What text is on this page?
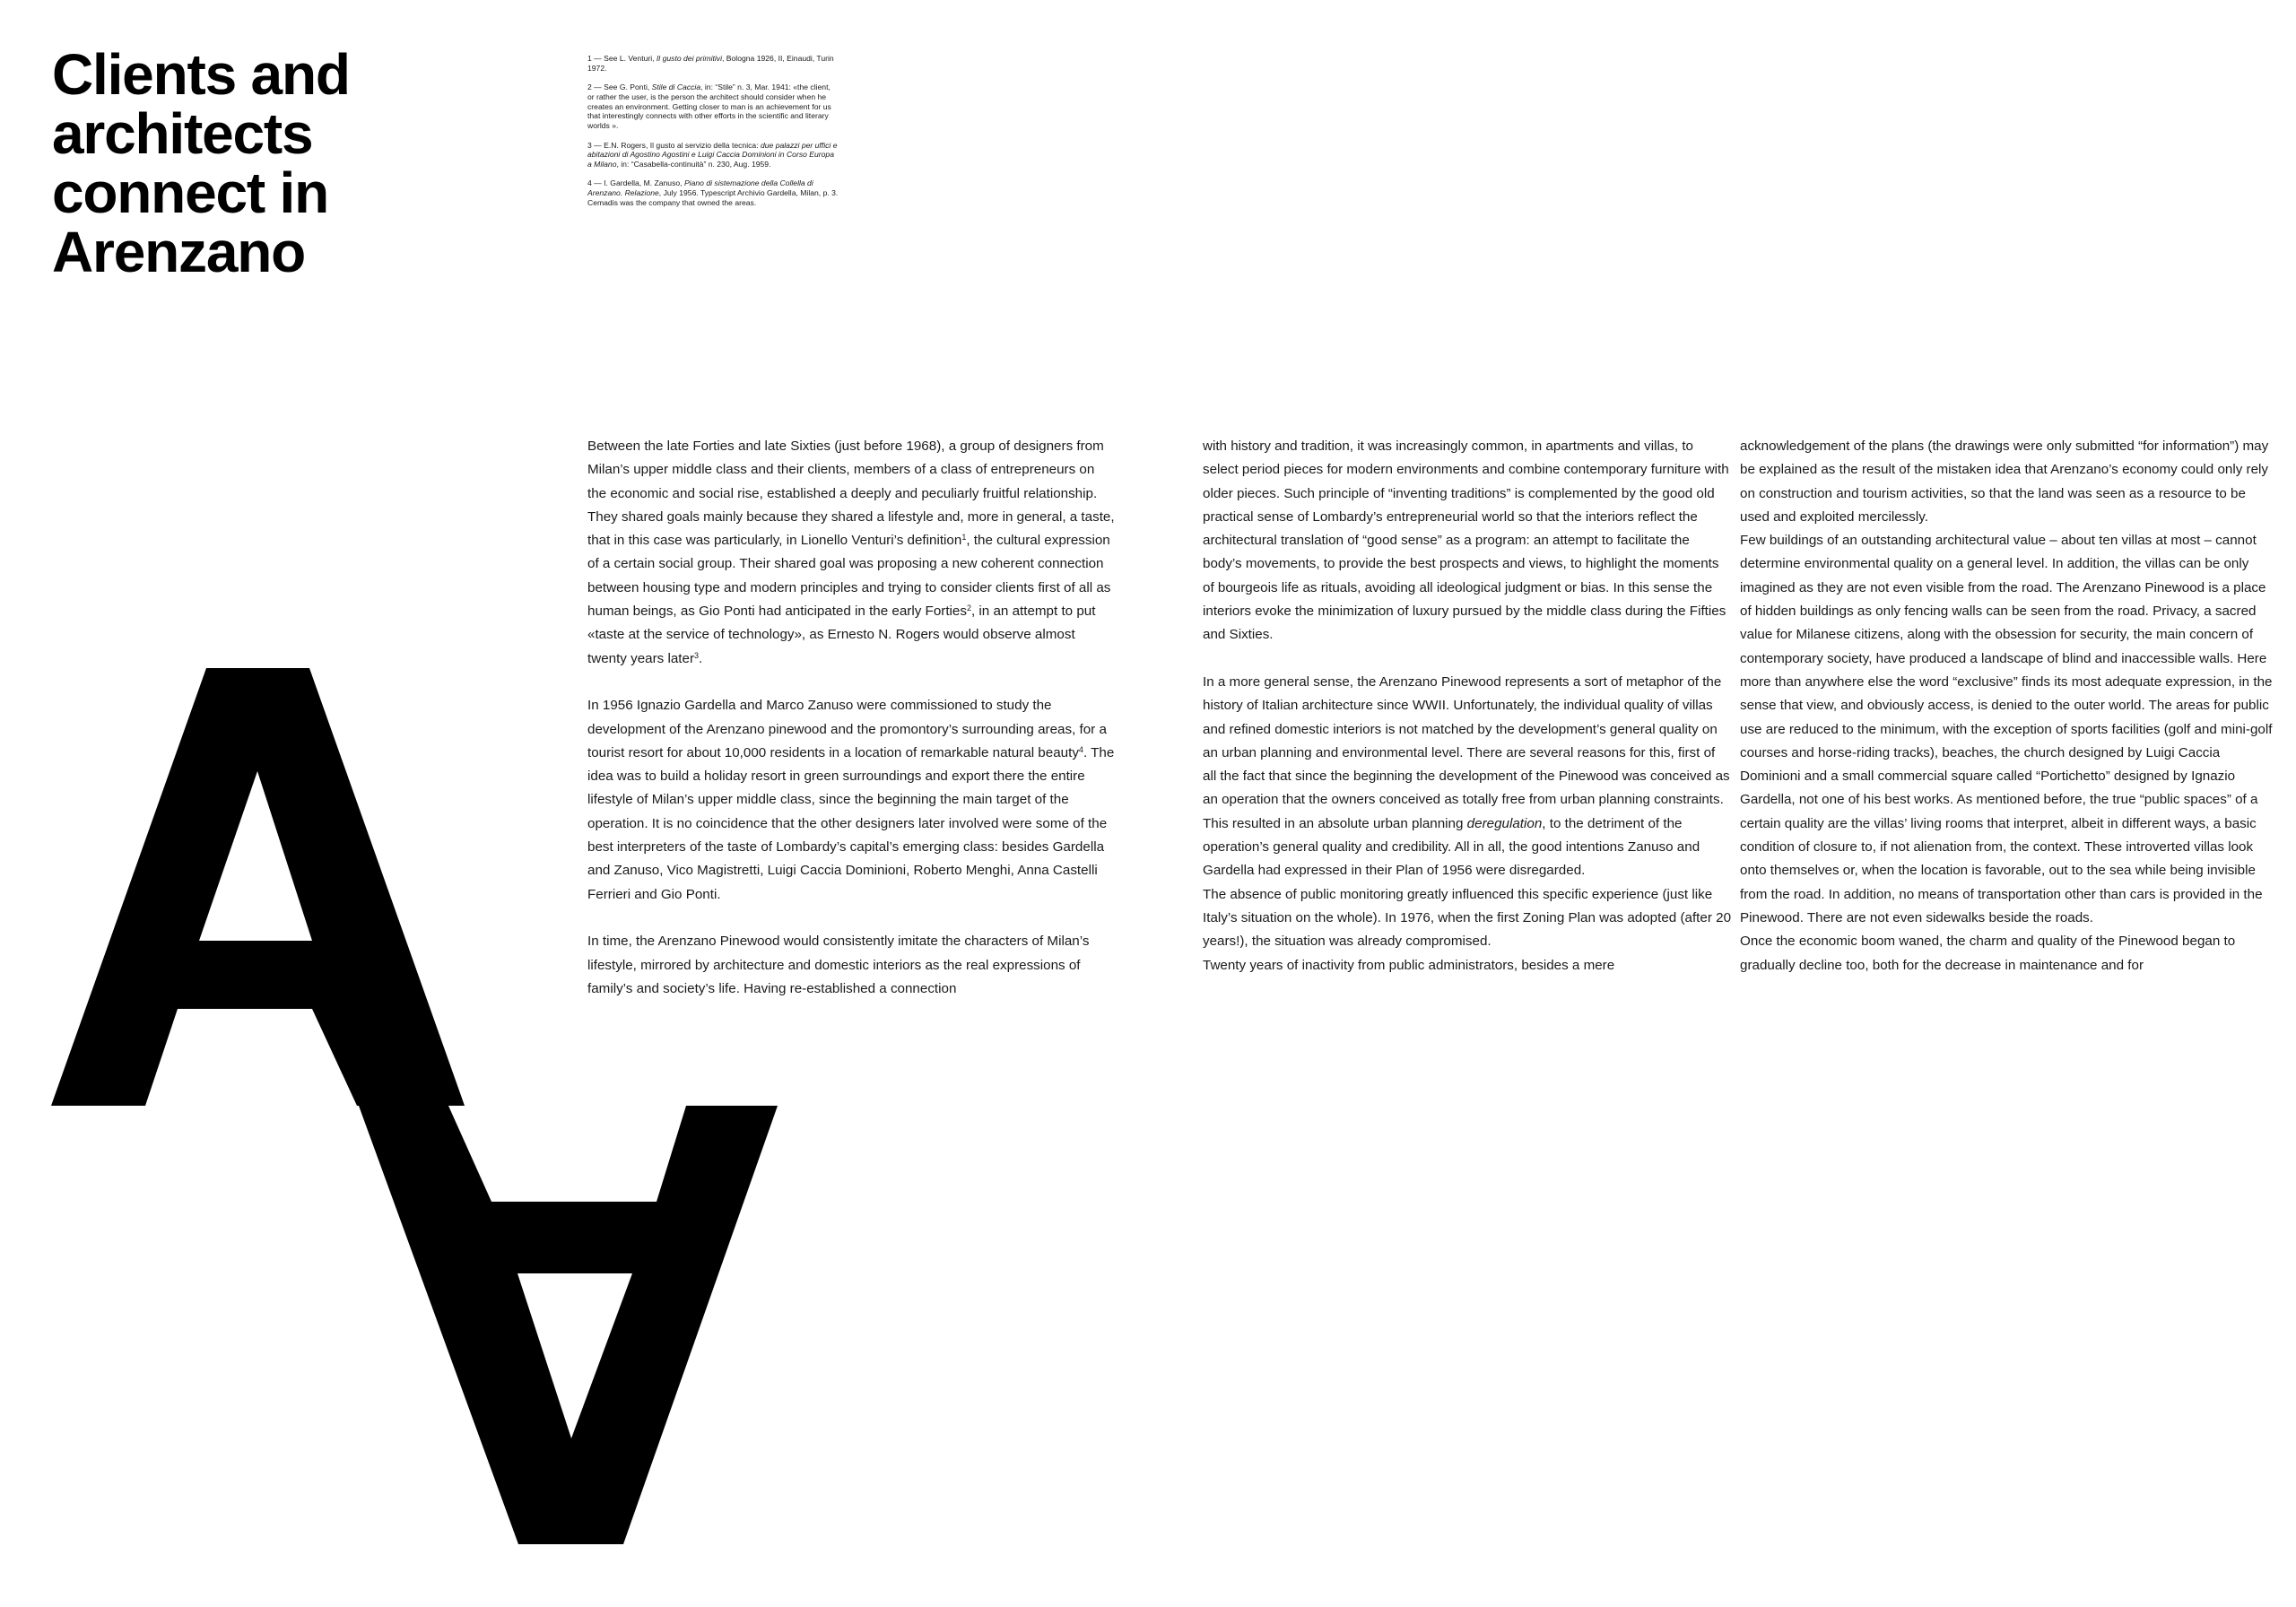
Clients and
architects
connect in
Arenzano

1 — See L. Venturi, Il gusto dei primitivi, Bologna 1926, II, Einaudi, Turin 1972.

2 — See G. Ponti, Stile di Caccia, in: “Stile” n. 3, Mar. 1941: «the client, or rather the user, is the person the architect should consider when he creates an environment. Getting closer to man is an achievement for us that interestingly connects with other efforts in the scientific and literary worlds ».

3 — E.N. Rogers, Il gusto al servizio della tecnica: due palazzi per uffici e abitazioni di Agostino Agostini e Luigi Caccia Dominioni in Corso Europa a Milano, in: “Casabella-continuità” n. 230, Aug. 1959.

4 — I. Gardella, M. Zanuso, Piano di sistemazione della Collella di Arenzano. Relazione, July 1956. Typescript Archivio Gardella, Milan, p. 3. Cemadis was the company that owned the areas.

Between the late Forties and late Sixties (just before 1968), a group of designers from Milan’s upper middle class and their clients, members of a class of entrepreneurs on the economic and social rise, established a deeply and peculiarly fruitful relationship. They shared goals mainly because they shared a lifestyle and, more in general, a taste, that in this case was particularly, in Lionello Venturi’s definition$^1$, the cultural expression of a certain social group. Their shared goal was proposing a new coherent connection between housing type and modern principles and trying to consider clients first of all as human beings, as Gio Ponti had anticipated in the early Forties$^2$, in an attempt to put «taste at the service of technology», as Ernesto N. Rogers would observe almost twenty years later$^3$.

In 1956 Ignazio Gardella and Marco Zanuso were commissioned to study the development of the Arenzano pinewood and the promontory’s surrounding areas, for a tourist resort for about 10,000 residents in a location of remarkable natural beauty$^4$. The idea was to build a holiday resort in green surroundings and export there the entire lifestyle of Milan’s upper middle class, since the beginning the main target of the operation. It is no coincidence that the other designers later involved were some of the best interpreters of the taste of Lombardy’s capital’s emerging class: besides Gardella and Zanuso, Vico Magistretti, Luigi Caccia Dominioni, Roberto Menghi, Anna Castelli Ferrieri and Gio Ponti.

In time, the Arenzano Pinewood would consistently imitate the characters of Milan’s lifestyle, mirrored by architecture and domestic interiors as the real expressions of family’s and society’s life. Having re-established a connection

with history and tradition, it was increasingly common, in apartments and villas, to select period pieces for modern environments and combine contemporary furniture with older pieces. Such principle of “inventing traditions” is complemented by the good old practical sense of Lombardy’s entrepreneurial world so that the interiors reflect the architectural translation of “good sense” as a program: an attempt to facilitate the body’s movements, to provide the best prospects and views, to highlight the moments of bourgeois life as rituals, avoiding all ideological judgment or bias. In this sense the interiors evoke the minimization of luxury pursued by the middle class during the Fifties and Sixties.

In a more general sense, the Arenzano Pinewood represents a sort of metaphor of the history of Italian architecture since WWII. Unfortunately, the individual quality of villas and refined domestic interiors is not matched by the development’s general quality on an urban planning and environmental level. There are several reasons for this, first of all the fact that since the beginning the development of the Pinewood was conceived as an operation that the owners conceived as totally free from urban planning constraints. This resulted in an absolute urban planning deregulation, to the detriment of the operation’s general quality and credibility. All in all, the good intentions Zanuso and Gardella had expressed in their Plan of 1956 were disregarded.

The absence of public monitoring greatly influenced this specific experience (just like Italy’s situation on the whole). In 1976, when the first Zoning Plan was adopted (after 20 years!), the situation was already compromised.

Twenty years of inactivity from public administrators, besides a mere

acknowledgement of the plans (the drawings were only submitted “for information”) may be explained as the result of the mistaken idea that Arenzano’s economy could only rely on construction and tourism activities, so that the land was seen as a resource to be used and exploited mercilessly.

Few buildings of an outstanding architectural value – about ten villas at most – cannot determine environmental quality on a general level. In addition, the villas can be only imagined as they are not even visible from the road. The Arenzano Pinewood is a place of hidden buildings as only fencing walls can be seen from the road. Privacy, a sacred value for Milanese citizens, along with the obsession for security, the main concern of contemporary society, have produced a landscape of blind and inaccessible walls. Here more than anywhere else the word “exclusive” finds its most adequate expression, in the sense that view, and obviously access, is denied to the outer world. The areas for public use are reduced to the minimum, with the exception of sports facilities (golf and mini-golf courses and horse-riding tracks), beaches, the church designed by Luigi Caccia Dominioni and a small commercial square called “Portichetto” designed by Ignazio Gardella, not one of his best works. As mentioned before, the true “public spaces” of a certain quality are the villas’ living rooms that interpret, albeit in different ways, a basic condition of closure to, if not alienation from, the context. These introverted villas look onto themselves or, when the location is favorable, out to the sea while being invisible from the road. In addition, no means of transportation other than cars is provided in the Pinewood. There are not even sidewalks beside the roads.

Once the economic boom waned, the charm and quality of the Pinewood began to gradually decline too, both for the decrease in maintenance and for
